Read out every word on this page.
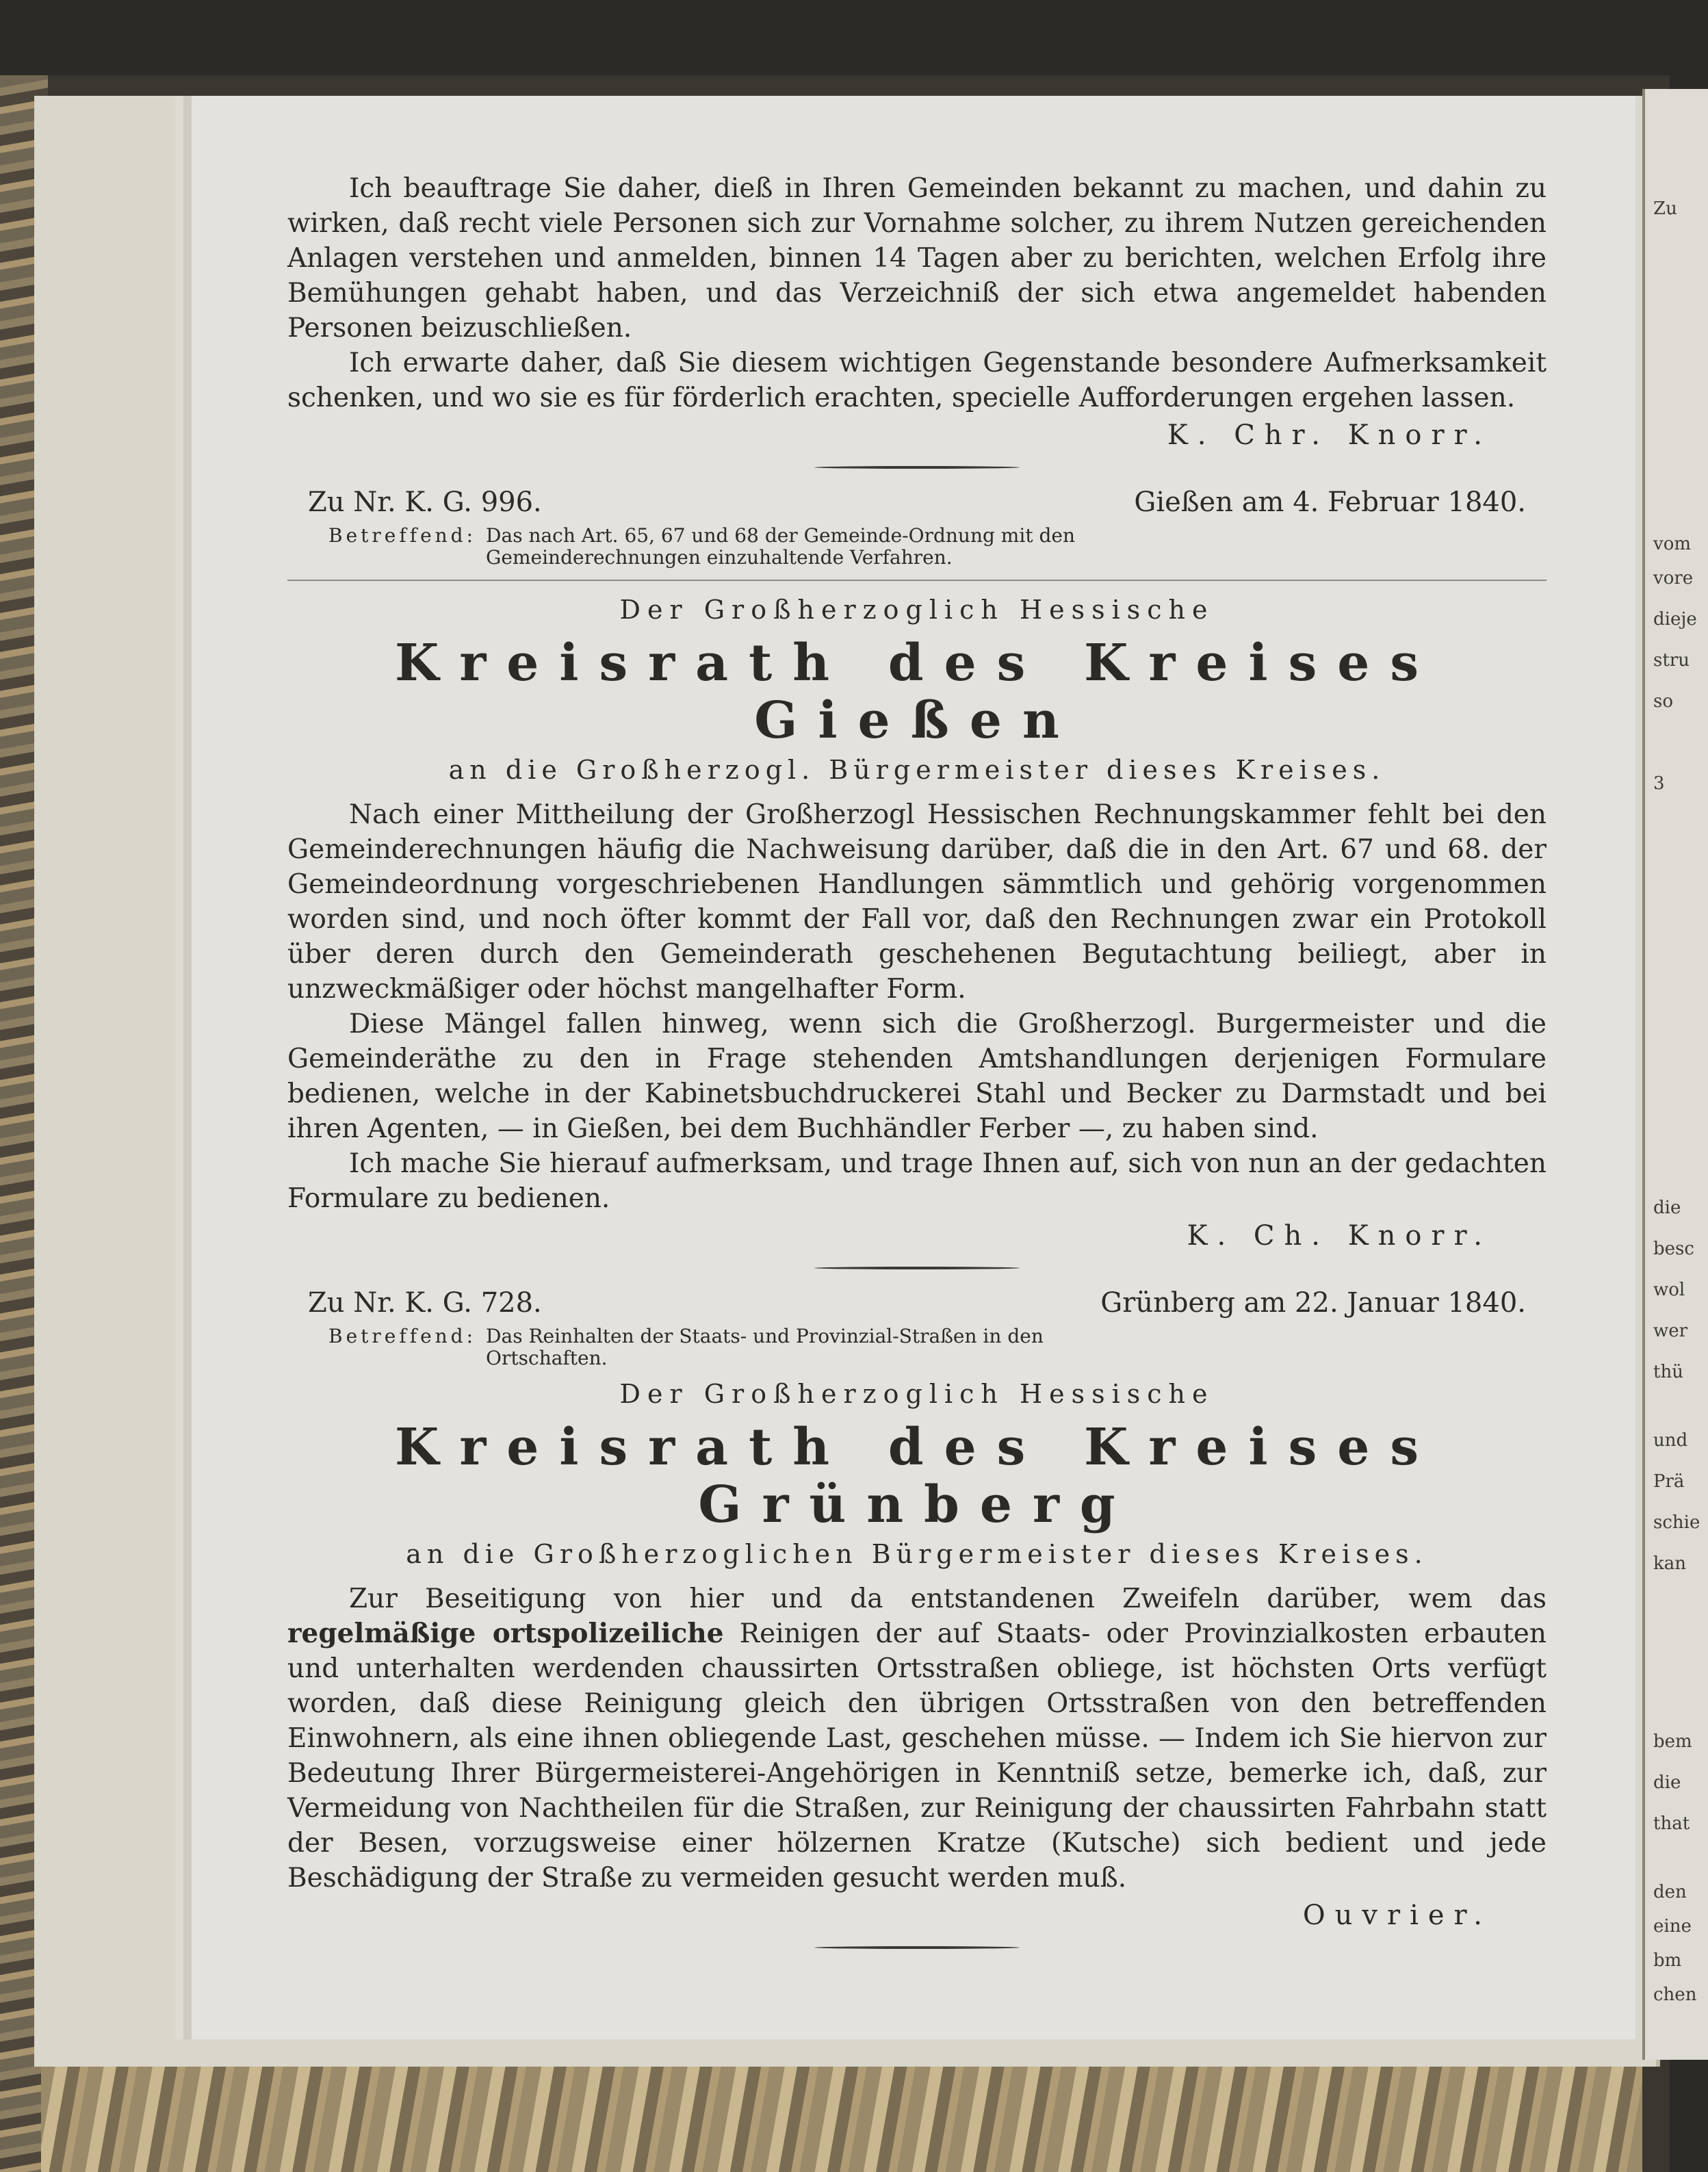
Zu
vom
vore
dieje
stru
so
3
die
besc
wol
wer
thü
und
Prä
schie
kan
bem
die
that
den
eine
bm
chen

Ich beauftrage Sie daher, dieß in Ihren Gemeinden bekannt zu machen, und dahin zu wirken, daß recht viele Personen sich zur Vornahme solcher, zu ihrem Nutzen gereichenden Anlagen verstehen und anmelden, binnen 14 Tagen aber zu berichten, welchen Erfolg ihre Bemühungen gehabt haben, und das Verzeichniß der sich etwa angemeldet habenden Personen beizuschließen.

Ich erwarte daher, daß Sie diesem wichtigen Gegenstande besondere Aufmerksamkeit schenken, und wo sie es für förderlich erachten, specielle Aufforderungen ergehen lassen.

K. Chr. Knorr.
Zu Nr. K. G. 996.	Gießen am 4. Februar 1840.
Betreffend: Das nach Art. 65, 67 und 68 der Gemeinde-Ordnung mit den Gemeinderechnungen einzuhaltende Verfahren.
Der Großherzoglich Hessische
Kreisrath des Kreises Gießen
an die Großherzogl. Bürgermeister dieses Kreises.

Nach einer Mittheilung der Großherzogl Hessischen Rechnungskammer fehlt bei den Gemeinderechnungen häufig die Nachweisung darüber, daß die in den Art. 67 und 68. der Gemeindeordnung vorgeschriebenen Handlungen sämmtlich und gehörig vorgenommen worden sind, und noch öfter kommt der Fall vor, daß den Rechnungen zwar ein Protokoll über deren durch den Gemeinderath geschehenen Begutachtung beiliegt, aber in unzweckmäßiger oder höchst mangelhafter Form.

Diese Mängel fallen hinweg, wenn sich die Großherzogl. Burgermeister und die Gemeinderäthe zu den in Frage stehenden Amtshandlungen derjenigen Formulare bedienen, welche in der Kabinetsbuchdruckerei Stahl und Becker zu Darmstadt und bei ihren Agenten, — in Gießen, bei dem Buchhändler Ferber —, zu haben sind.

Ich mache Sie hierauf aufmerksam, und trage Ihnen auf, sich von nun an der gedachten Formulare zu bedienen.

K. Ch. Knorr.
Zu Nr. K. G. 728.	Grünberg am 22. Januar 1840.
Betreffend: Das Reinhalten der Staats- und Provinzial-Straßen in den Ortschaften.
Der Großherzoglich Hessische
Kreisrath des Kreises Grünberg
an die Großherzoglichen Bürgermeister dieses Kreises.

Zur Beseitigung von hier und da entstandenen Zweifeln darüber, wem das regelmäßige ortspolizeiliche Reinigen der auf Staats- oder Provinzialkosten erbauten und unterhalten werdenden chaussirten Ortsstraßen obliege, ist höchsten Orts verfügt worden, daß diese Reinigung gleich den übrigen Ortsstraßen von den betreffenden Einwohnern, als eine ihnen obliegende Last, geschehen müsse. — Indem ich Sie hiervon zur Bedeutung Ihrer Bürgermeisterei-Angehörigen in Kenntniß setze, bemerke ich, daß, zur Vermeidung von Nachtheilen für die Straßen, zur Reinigung der chaussirten Fahrbahn statt der Besen, vorzugsweise einer hölzernen Kratze (Kutsche) sich bedient und jede Beschädigung der Straße zu vermeiden gesucht werden muß.

Ouvrier.
